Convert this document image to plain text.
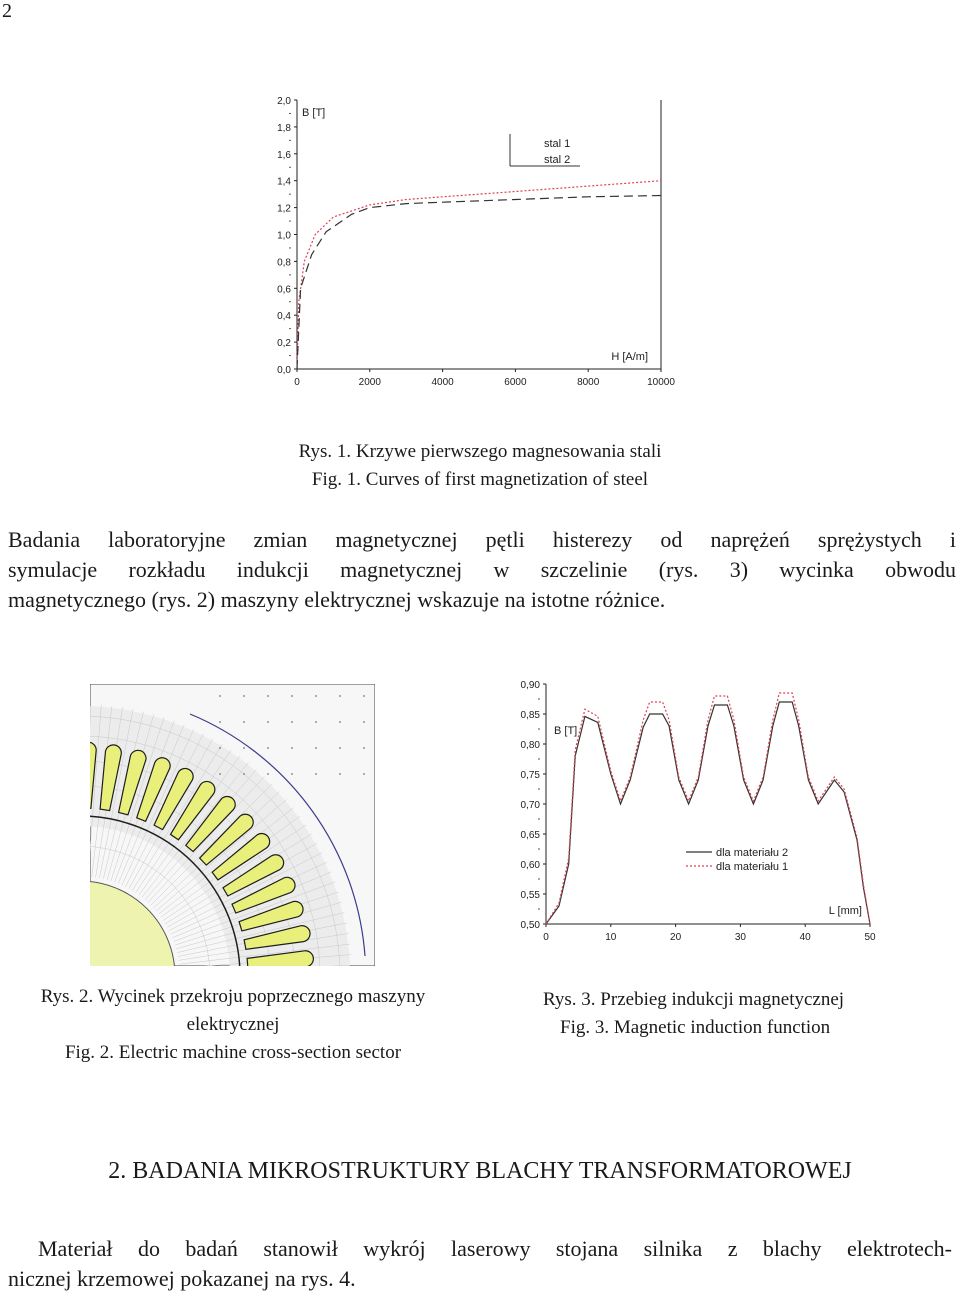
2
0,0
0,2
0,4
0,6
0,8
1,0
1,2
1,4
1,6
1,8
2,0
0	2000	4000	6000	8000	10000
B [T]
H [A/m]
stal 1
stal 2
Rys. 1. Krzywe pierwszego magnesowania stali
Fig. 1. Curves of first magnetization of steel
Badania laboratoryjne zmian magnetycznej pętli histerezy od naprężeń sprężystych i
symulacje rozkładu indukcji magnetycznej w szczelinie (rys. 3) wycinka obwodu
magnetycznego (rys. 2) maszyny elektrycznej wskazuje na istotne różnice.
0,50
0,55
0,60
0,65
0,70
0,75
0,80
0,85
0,90
0	10	20	30	40	50
B [T]
L [mm]
dla materiału 2
dla materiału 1
Rys. 2. Wycinek przekroju poprzecznego maszyny
elektrycznej
Fig. 2. Electric machine cross-section sector
Rys. 3. Przebieg indukcji magnetycznej
Fig. 3. Magnetic induction function
2. BADANIA MIKROSTRUKTURY BLACHY TRANSFORMATOROWEJ
Materiał do badań stanowił wykrój laserowy stojana silnika z blachy elektrotech-
nicznej krzemowej pokazanej na rys. 4.
